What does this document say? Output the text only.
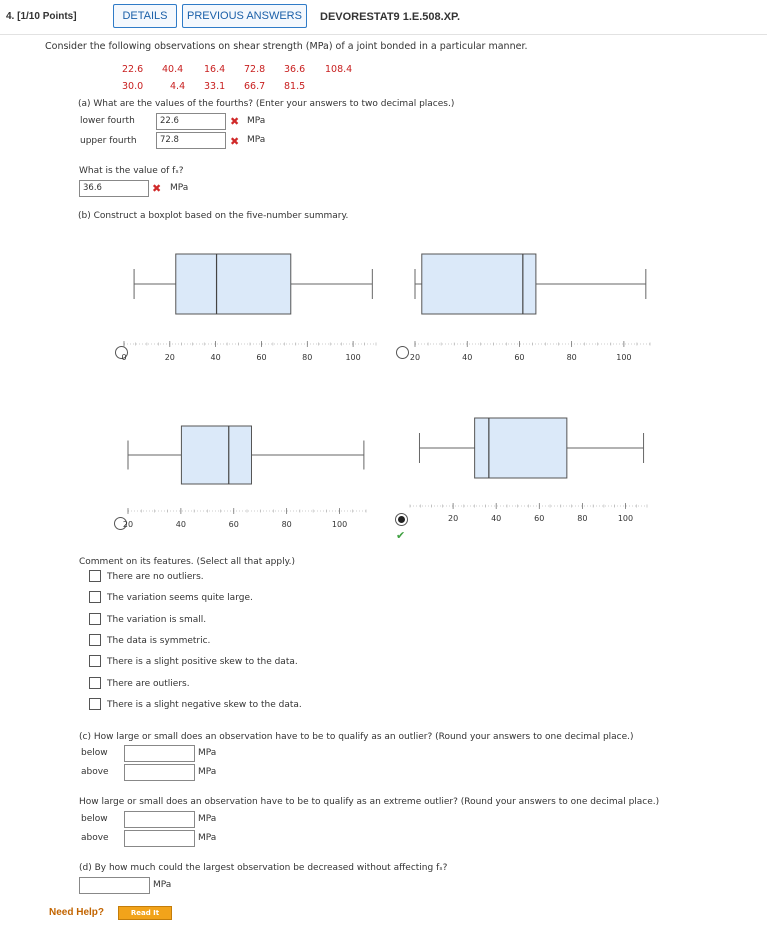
4. [1/10 Points]	DETAILS	PREVIOUS ANSWERS	DEVORESTAT9 1.E.508.XP.
Consider the following observations on shear strength (MPa) of a joint bonded in a particular manner.
22.6 40.4 16.4 72.8 36.6 108.4
30.0	4.4 33.1 66.7 81.5
(a) What are the values of the fourths? (Enter your answers to two decimal places.)
lower fourth	22.6	✖ MPa
upper fourth	72.8	✖ MPa
What is the value of fₛ?
36.6	✖ MPa
(b) Construct a boxplot based on the five-number summary.
0	20	40	60	80	100	20	40	60	80	100
20	40	60	80	100
✔
20	40	60	80	100
Comment on its features. (Select all that apply.)
There are no outliers.
The variation seems quite large.
The variation is small.
The data is symmetric.
There is a slight positive skew to the data.
There are outliers.
There is a slight negative skew to the data.
(c) How large or small does an observation have to be to qualify as an outlier? (Round your answers to one decimal place.)
below	MPa
above	MPa
How large or small does an observation have to be to qualify as an extreme outlier? (Round your answers to one decimal place.)
below	MPa
above	MPa
(d) By how much could the largest observation be decreased without affecting fₛ?
MPa
Need Help?	Read It
